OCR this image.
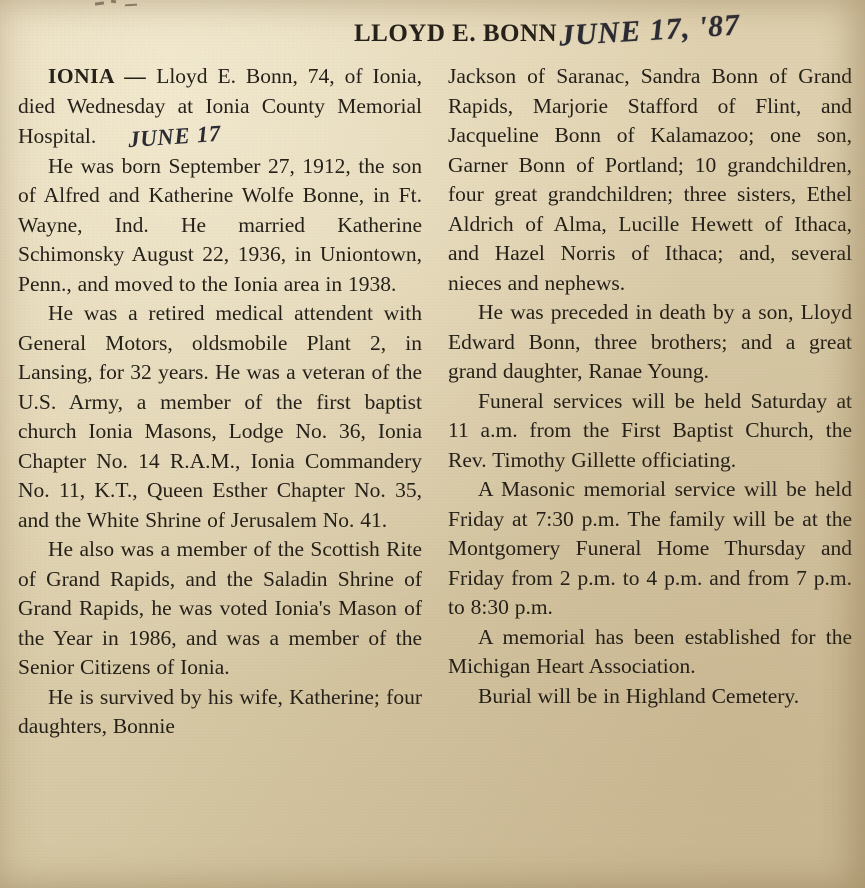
LLOYD E. BONN JUNE 17, '87

IONIA — Lloyd E. Bonn, 74, of Ionia, died Wednesday at Ionia County Memorial Hospital. JUNE 17

He was born September 27, 1912, the son of Alfred and Katherine Wolfe Bonne, in Ft. Wayne, Ind. He married Katherine Schimonsky August 22, 1936, in Uniontown, Penn., and moved to the Ionia area in 1938.

He was a retired medical attendent with General Motors, oldsmobile Plant 2, in Lansing, for 32 years. He was a veteran of the U.S. Army, a member of the first baptist church Ionia Masons, Lodge No. 36, Ionia Chapter No. 14 R.A.M., Ionia Commandery No. 11, K.T., Queen Esther Chapter No. 35, and the White Shrine of Jerusalem No. 41.

He also was a member of the Scottish Rite of Grand Rapids, and the Saladin Shrine of Grand Rapids, he was voted Ionia's Mason of the Year in 1986, and was a member of the Senior Citizens of Ionia.

He is survived by his wife, Katherine; four daughters, Bonnie

Jackson of Saranac, Sandra Bonn of Grand Rapids, Marjorie Stafford of Flint, and Jacqueline Bonn of Kalamazoo; one son, Garner Bonn of Portland; 10 grandchildren, four great grandchildren; three sisters, Ethel Aldrich of Alma, Lucille Hewett of Ithaca, and Hazel Norris of Ithaca; and, several nieces and nephews.

He was preceded in death by a son, Lloyd Edward Bonn, three brothers; and a great grand daughter, Ranae Young.

Funeral services will be held Saturday at 11 a.m. from the First Baptist Church, the Rev. Timothy Gillette officiating.

A Masonic memorial service will be held Friday at 7:30 p.m. The family will be at the Montgomery Funeral Home Thursday and Friday from 2 p.m. to 4 p.m. and from 7 p.m. to 8:30 p.m.

A memorial has been established for the Michigan Heart Association.

Burial will be in Highland Cemetery.
